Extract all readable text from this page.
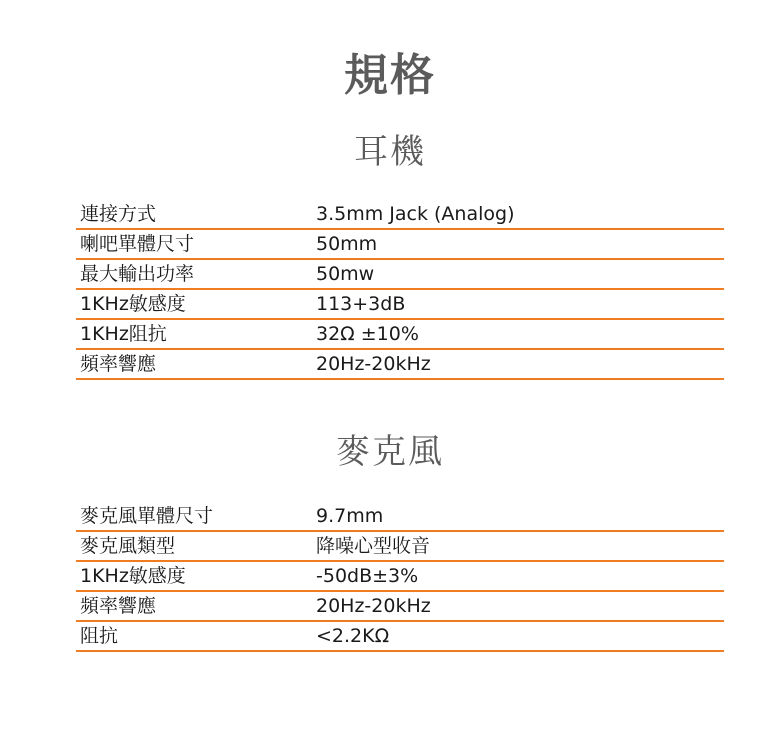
規格
耳機
連接方式	3.5mm Jack (Analog)
喇吧單體尺寸	50mm
最大輸出功率	50mw
1KHz敏感度	113+3dB
1KHz阻抗	32Ω ±10%
頻率響應	20Hz-20kHz
麥克風
麥克風單體尺寸	9.7mm
麥克風類型	降噪心型收音
1KHz敏感度	-50dB±3%
頻率響應	20Hz-20kHz
阻抗	<2.2KΩ
